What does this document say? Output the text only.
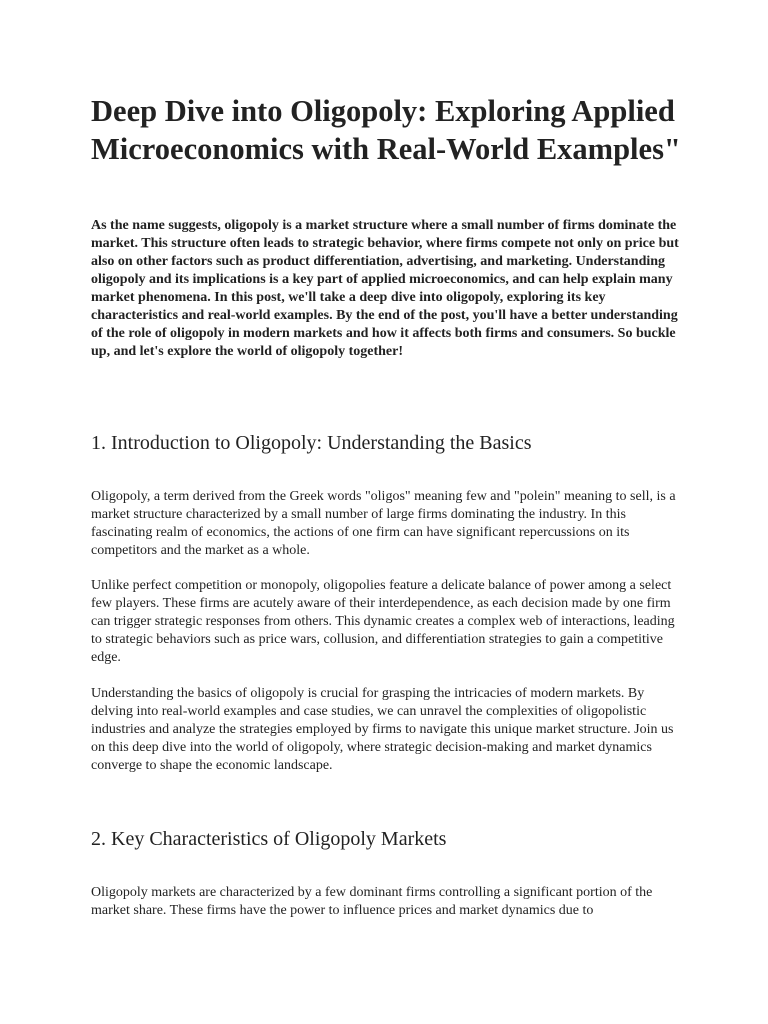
Deep Dive into Oligopoly: Exploring Applied Microeconomics with Real-World Examples"

As the name suggests, oligopoly is a market structure where a small number of firms dominate the market. This structure often leads to strategic behavior, where firms compete not only on price but also on other factors such as product differentiation, advertising, and marketing. Understanding oligopoly and its implications is a key part of applied microeconomics, and can help explain many market phenomena. In this post, we'll take a deep dive into oligopoly, exploring its key characteristics and real-world examples. By the end of the post, you'll have a better understanding of the role of oligopoly in modern markets and how it affects both firms and consumers. So buckle up, and let's explore the world of oligopoly together!

1. Introduction to Oligopoly: Understanding the Basics

Oligopoly, a term derived from the Greek words "oligos" meaning few and "polein" meaning to sell, is a market structure characterized by a small number of large firms dominating the industry. In this fascinating realm of economics, the actions of one firm can have significant repercussions on its competitors and the market as a whole.

Unlike perfect competition or monopoly, oligopolies feature a delicate balance of power among a select few players. These firms are acutely aware of their interdependence, as each decision made by one firm can trigger strategic responses from others. This dynamic creates a complex web of interactions, leading to strategic behaviors such as price wars, collusion, and differentiation strategies to gain a competitive edge.

Understanding the basics of oligopoly is crucial for grasping the intricacies of modern markets. By delving into real-world examples and case studies, we can unravel the complexities of oligopolistic industries and analyze the strategies employed by firms to navigate this unique market structure. Join us on this deep dive into the world of oligopoly, where strategic decision-making and market dynamics converge to shape the economic landscape.

2. Key Characteristics of Oligopoly Markets

Oligopoly markets are characterized by a few dominant firms controlling a significant portion of the market share. These firms have the power to influence prices and market dynamics due to
